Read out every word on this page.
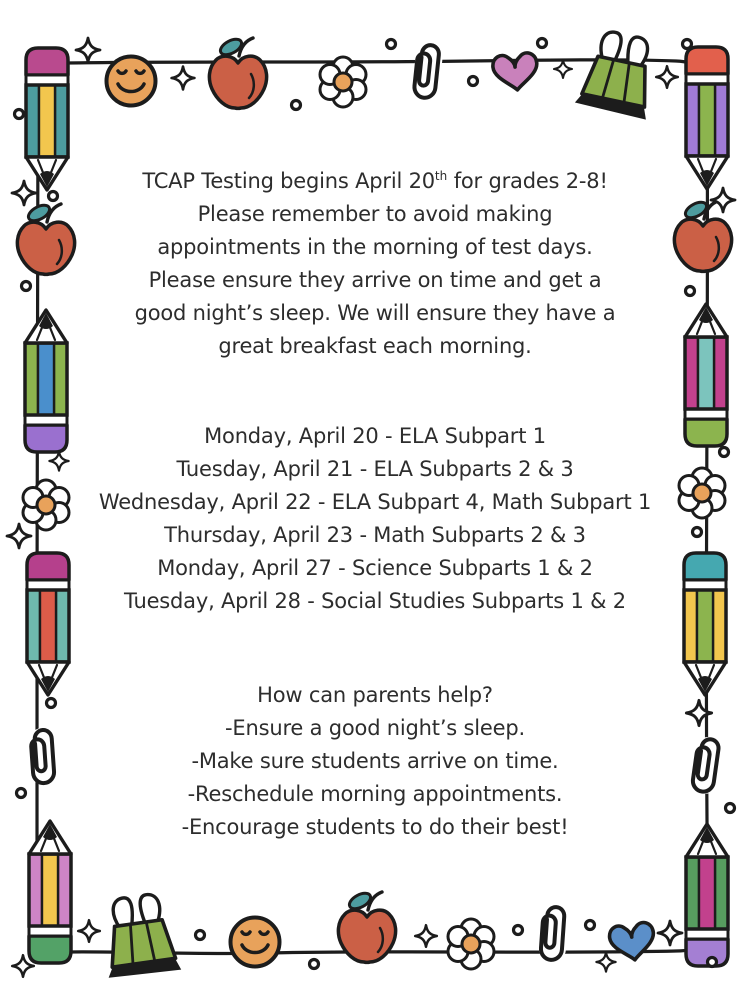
TCAP Testing begins April 20th for grades 2-8!
Please remember to avoid making
appointments in the morning of test days.
Please ensure they arrive on time and get a
good night’s sleep. We will ensure they have a
great breakfast each morning.
Monday, April 20 - ELA Subpart 1
Tuesday, April 21 - ELA Subparts 2 & 3
Wednesday, April 22 - ELA Subpart 4, Math Subpart 1
Thursday, April 23 - Math Subparts 2 & 3
Monday, April 27 - Science Subparts 1 & 2
Tuesday, April 28 - Social Studies Subparts 1 & 2
How can parents help?
-Ensure a good night’s sleep.
-Make sure students arrive on time.
-Reschedule morning appointments.
-Encourage students to do their best!
